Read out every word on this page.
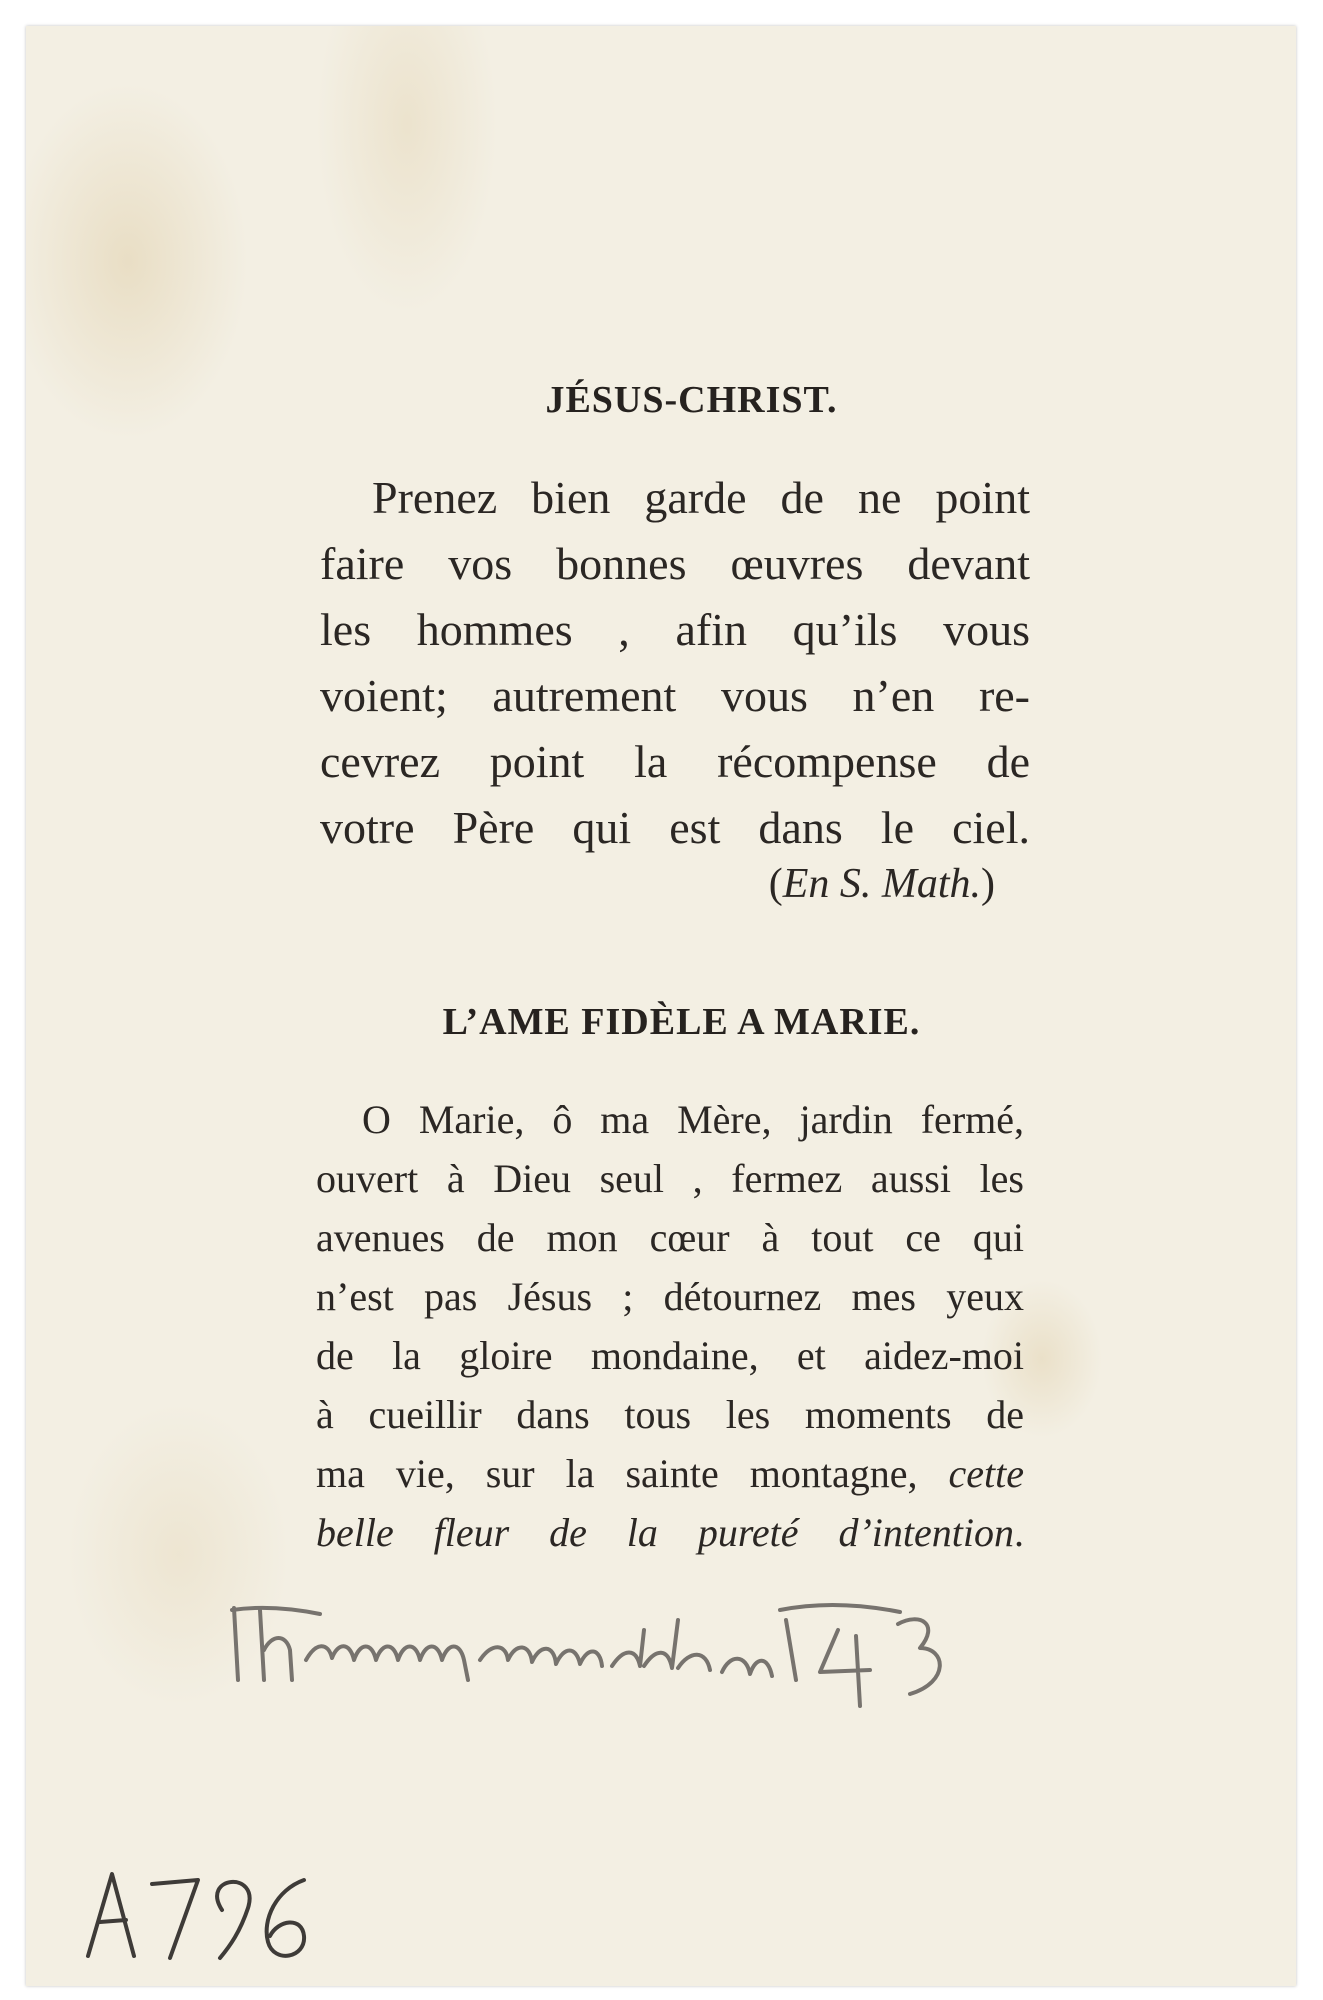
JÉSUS-CHRIST.
Prenez bien garde de ne point
faire vos bonnes œuvres devant
les hommes , afin qu’ils vous
voient; autrement vous n’en re-
cevrez point la récompense de
votre Père qui est dans le ciel.
(En S. Math.)
L’AME FIDÈLE A MARIE.
O Marie, ô ma Mère, jardin fermé,
ouvert à Dieu seul , fermez aussi les
avenues de mon cœur à tout ce qui
n’est pas Jésus ; détournez mes yeux
de la gloire mondaine, et aidez-moi
à cueillir dans tous les moments de
ma vie, sur la sainte montagne, cette
belle fleur de la pureté d’intention.
